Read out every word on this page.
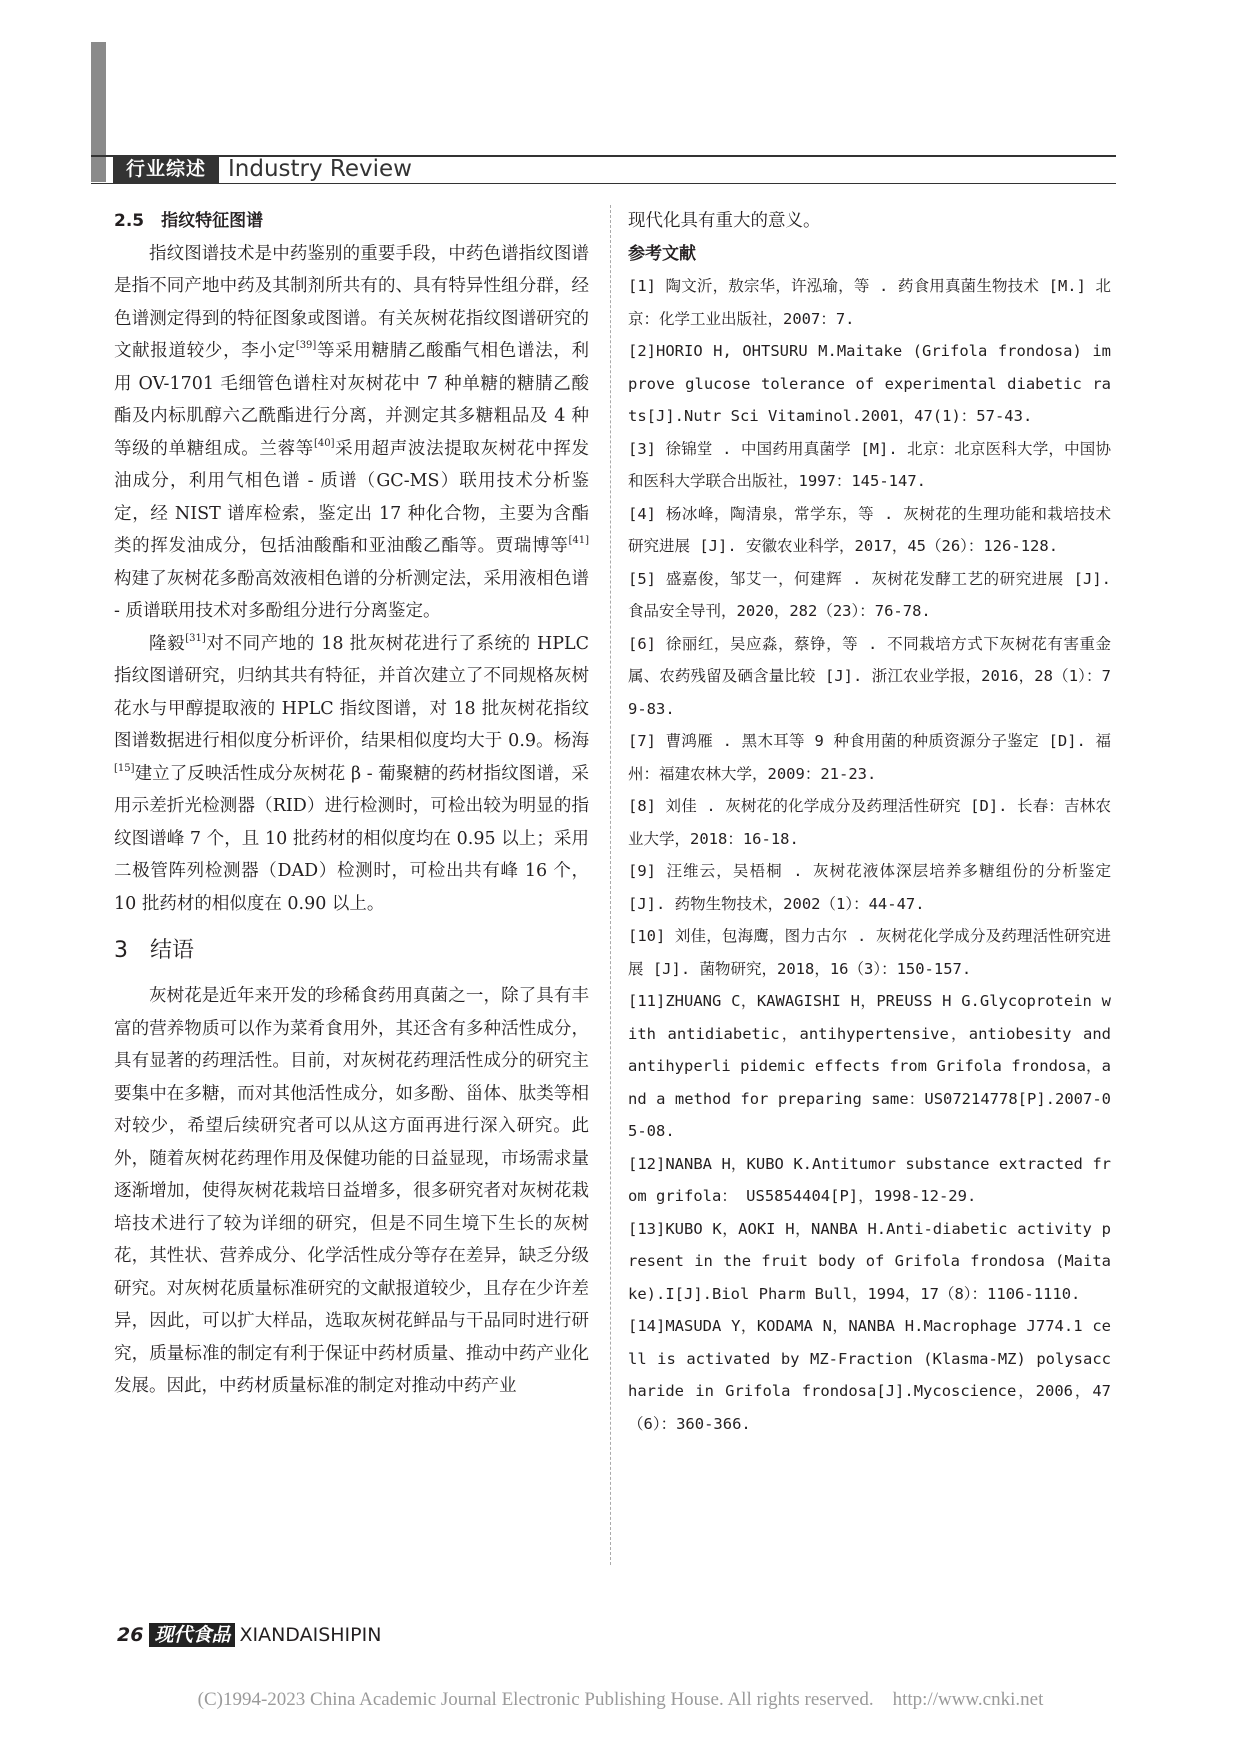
行业综述 Industry Review
2.5　指纹特征图谱

指纹图谱技术是中药鉴别的重要手段，中药色谱指纹图谱是指不同产地中药及其制剂所共有的、具有特异性组分群，经色谱测定得到的特征图象或图谱。有关灰树花指纹图谱研究的文献报道较少，李小定[39]等采用糖腈乙酸酯气相色谱法，利用 OV-1701 毛细管色谱柱对灰树花中 7 种单糖的糖腈乙酸酯及内标肌醇六乙酰酯进行分离，并测定其多糖粗品及 4 种等级的单糖组成。兰蓉等[40]采用超声波法提取灰树花中挥发油成分，利用气相色谱 - 质谱（GC-MS）联用技术分析鉴定，经 NIST 谱库检索，鉴定出 17 种化合物，主要为含酯类的挥发油成分，包括油酸酯和亚油酸乙酯等。贾瑞博等[41]构建了灰树花多酚高效液相色谱的分析测定法，采用液相色谱 - 质谱联用技术对多酚组分进行分离鉴定。

隆毅[31]对不同产地的 18 批灰树花进行了系统的 HPLC 指纹图谱研究，归纳其共有特征，并首次建立了不同规格灰树花水与甲醇提取液的 HPLC 指纹图谱，对 18 批灰树花指纹图谱数据进行相似度分析评价，结果相似度均大于 0.9。杨海[15]建立了反映活性成分灰树花 β - 葡聚糖的药材指纹图谱，采用示差折光检测器（RID）进行检测时，可检出较为明显的指纹图谱峰 7 个，且 10 批药材的相似度均在 0.95 以上；采用二极管阵列检测器（DAD）检测时，可检出共有峰 16 个，10 批药材的相似度在 0.90 以上。

3　结语

灰树花是近年来开发的珍稀食药用真菌之一，除了具有丰富的营养物质可以作为菜肴食用外，其还含有多种活性成分，具有显著的药理活性。目前，对灰树花药理活性成分的研究主要集中在多糖，而对其他活性成分，如多酚、甾体、肽类等相对较少，希望后续研究者可以从这方面再进行深入研究。此外，随着灰树花药理作用及保健功能的日益显现，市场需求量逐渐增加，使得灰树花栽培日益增多，很多研究者对灰树花栽培技术进行了较为详细的研究，但是不同生境下生长的灰树花，其性状、营养成分、化学活性成分等存在差异，缺乏分级研究。对灰树花质量标准研究的文献报道较少，且存在少许差异，因此，可以扩大样品，选取灰树花鲜品与干品同时进行研究，质量标准的制定有利于保证中药材质量、推动中药产业化发展。因此，中药材质量标准的制定对推动中药产业

现代化具有重大的意义。

参考文献
[1] 陶文沂，敖宗华，许泓瑜，等 . 药食用真菌生物技术 [M.] 北京：化学工业出版社，2007：7.
[2]HORIO H, OHTSURU M.Maitake (Grifola frondosa) improve glucose tolerance of experimental diabetic rats[J].Nutr Sci Vitaminol.2001，47(1)：57-43.
[3] 徐锦堂 . 中国药用真菌学 [M]. 北京：北京医科大学，中国协和医科大学联合出版社，1997：145-147.
[4] 杨冰峰，陶清泉，常学东，等 . 灰树花的生理功能和栽培技术研究进展 [J]. 安徽农业科学，2017，45（26）：126-128.
[5] 盛嘉俊，邹艾一，何建辉 . 灰树花发酵工艺的研究进展 [J]. 食品安全导刊，2020，282（23）：76-78.
[6] 徐丽红，吴应淼，蔡铮，等 . 不同栽培方式下灰树花有害重金属、农药残留及硒含量比较 [J]. 浙江农业学报，2016，28（1）：79-83.
[7] 曹鸿雁 . 黑木耳等 9 种食用菌的种质资源分子鉴定 [D]. 福州：福建农林大学，2009：21-23.
[8] 刘佳 . 灰树花的化学成分及药理活性研究 [D]. 长春：吉林农业大学，2018：16-18.
[9] 汪维云，吴梧桐 . 灰树花液体深层培养多糖组份的分析鉴定 [J]. 药物生物技术，2002（1）：44-47.
[10] 刘佳，包海鹰，图力古尔 . 灰树花化学成分及药理活性研究进展 [J]. 菌物研究，2018，16（3）：150-157.
[11]ZHUANG C，KAWAGISHI H，PREUSS H G.Glycoprotein with antidiabetic，antihypertensive，antiobesity and antihyperli pidemic effects from Grifola frondosa，and a method for preparing same：US07214778[P].2007-05-08.
[12]NANBA H，KUBO K.Antitumor substance extracted from grifola： US5854404[P]，1998-12-29.
[13]KUBO K，AOKI H，NANBA H.Anti-diabetic activity present in the fruit body of Grifola frondosa (Maitake).I[J].Biol Pharm Bull，1994，17（8）：1106-1110.
[14]MASUDA Y，KODAMA N，NANBA H.Macrophage J774.1 cell is activated by MZ-Fraction (Klasma-MZ) polysaccharide in Grifola frondosa[J].Mycoscience，2006，47（6）：360-366.
26 现代食品 XIANDAISHIPIN
(C)1994-2023 China Academic Journal Electronic Publishing House. All rights reserved.　http://www.cnki.net
